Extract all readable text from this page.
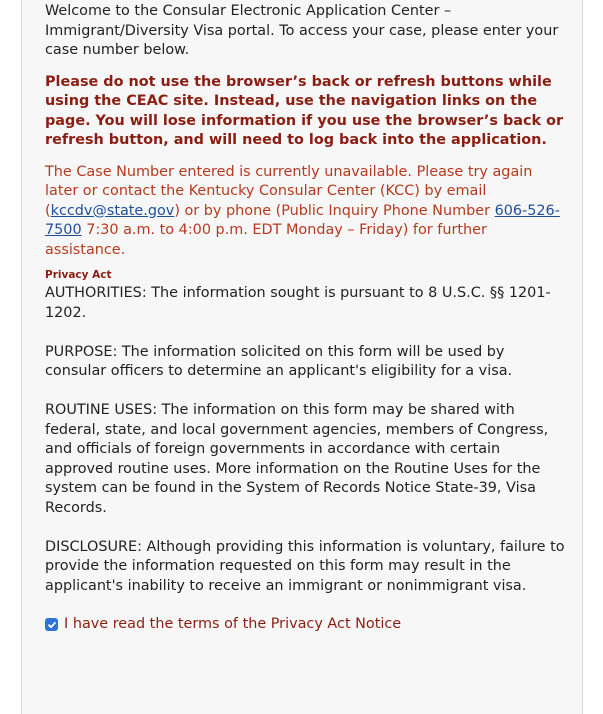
Welcome to the Consular Electronic Application Center – Immigrant/Diversity Visa portal. To access your case, please enter your case number below.

Please do not use the browser’s back or refresh buttons while using the CEAC site. Instead, use the navigation links on the page. You will lose information if you use the browser’s back or refresh button, and will need to log back into the application.

The Case Number entered is currently unavailable. Please try again later or contact the Kentucky Consular Center (KCC) by email (kccdv@state.gov) or by phone (Public Inquiry Phone Number 606-526-7500 7:30 a.m. to 4:00 p.m. EDT Monday – Friday) for further assistance.

Privacy Act

AUTHORITIES: The information sought is pursuant to 8 U.S.C. §§ 1201-1202.

PURPOSE: The information solicited on this form will be used by consular officers to determine an applicant's eligibility for a visa.

ROUTINE USES: The information on this form may be shared with federal, state, and local government agencies, members of Congress, and officials of foreign governments in accordance with certain approved routine uses. More information on the Routine Uses for the system can be found in the System of Records Notice State-39, Visa Records.

DISCLOSURE: Although providing this information is voluntary, failure to provide the information requested on this form may result in the applicant's inability to receive an immigrant or nonimmigrant visa.

I have read the terms of the Privacy Act Notice
